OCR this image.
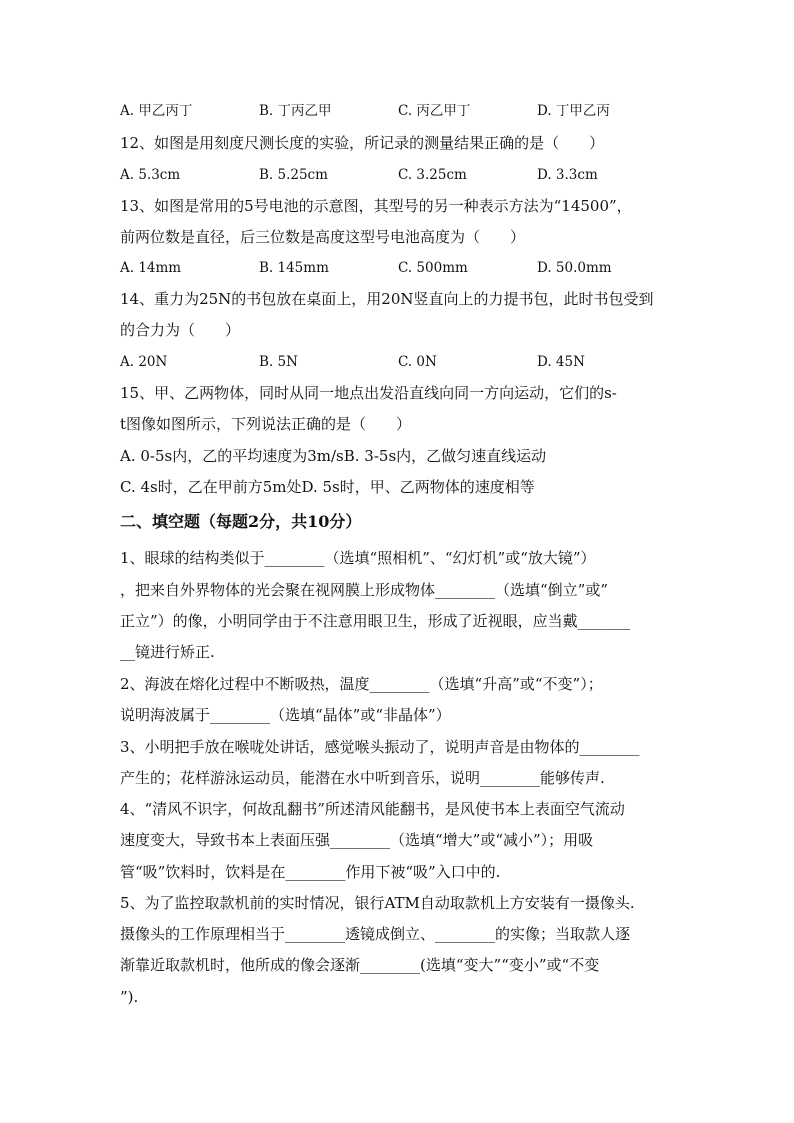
A. 甲乙丙丁	B. 丁丙乙甲	C. 丙乙甲丁	D. 丁甲乙丙
12、如图是用刻度尺测长度的实验，所记录的测量结果正确的是（　　）
A. 5.3cm	B. 5.25cm	C. 3.25cm	D. 3.3cm
13、如图是常用的5号电池的示意图，其型号的另一种表示方法为“14500”，
前两位数是直径，后三位数是高度这型号电池高度为（　　）
A. 14mm	B. 145mm	C. 500mm	D. 50.0mm
14、重力为25N的书包放在桌面上，用20N竖直向上的力提书包，此时书包受到
的合力为（　　）
A. 20N	B. 5N	C. 0N	D. 45N
15、甲、乙两物体，同时从同一地点出发沿直线向同一方向运动，它们的s-
t图像如图所示，下列说法正确的是（　　）
A. 0-5s内，乙的平均速度为3m/sB. 3-5s内，乙做匀速直线运动
C. 4s时，乙在甲前方5m处D. 5s时，甲、乙两物体的速度相等
二、填空题（每题2分，共10分）
1、眼球的结构类似于________（选填“照相机”、“幻灯机”或“放大镜”）
，把来自外界物体的光会聚在视网膜上形成物体________（选填“倒立”或”
正立”）的像，小明同学由于不注意用眼卫生，形成了近视眼，应当戴_______
__镜进行矫正.
2、海波在熔化过程中不断吸热，温度________（选填“升高”或“不变”）；
说明海波属于________（选填“晶体”或“非晶体”）
3、小明把手放在喉咙处讲话，感觉喉头振动了，说明声音是由物体的________
产生的；花样游泳运动员，能潜在水中听到音乐，说明________能够传声.
4、“清风不识字，何故乱翻书”所述清风能翻书，是风使书本上表面空气流动
速度变大，导致书本上表面压强________（选填“增大”或“减小”）；用吸
管“吸”饮料时，饮料是在________作用下被“吸”入口中的.
5、为了监控取款机前的实时情况，银行ATM自动取款机上方安装有一摄像头.
摄像头的工作原理相当于________透镜成倒立、________的实像；当取款人逐
渐靠近取款机时，他所成的像会逐渐________(选填“变大”“变小”或“不变
”).
